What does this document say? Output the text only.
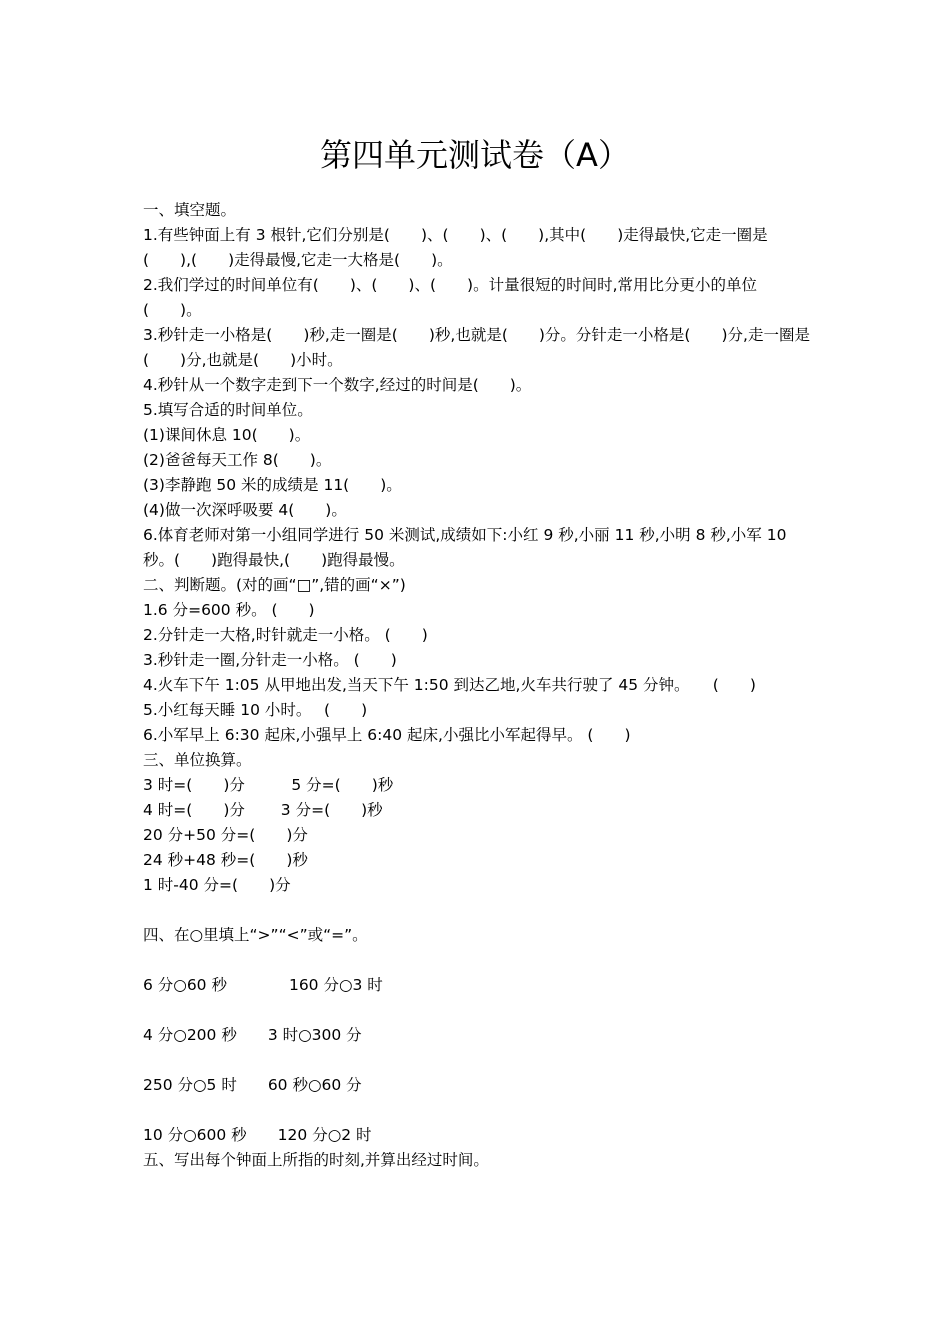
第四单元测试卷（A）
一、填空题。
1.有些钟面上有 3 根针,它们分别是(　　)、(　　)、(　　),其中(　　)走得最快,它走一圈是(　　),(　　)走得最慢,它走一大格是(　　)。
2.我们学过的时间单位有(　　)、(　　)、(　　)。计量很短的时间时,常用比分更小的单位(　　)。
3.秒针走一小格是(　　)秒,走一圈是(　　)秒,也就是(　　)分。分针走一小格是(　　)分,走一圈是(　　)分,也就是(　　)小时。
4.秒针从一个数字走到下一个数字,经过的时间是(　　)。
5.填写合适的时间单位。
(1)课间休息 10(　　)。
(2)爸爸每天工作 8(　　)。
(3)李静跑 50 米的成绩是 11(　　)。
(4)做一次深呼吸要 4(　　)。
6.体育老师对第一小组同学进行 50 米测试,成绩如下:小红 9 秒,小丽 11 秒,小明 8 秒,小军 10 秒。(　　)跑得最快,(　　)跑得最慢。
二、判断题。(对的画“□”,错的画“×”)
1.6 分=600 秒。 (　　)
2.分针走一大格,时针就走一小格。 (　　)
3.秒针走一圈,分针走一小格。 (　　)
4.火车下午 1:05 从甲地出发,当天下午 1:50 到达乙地,火车共行驶了 45 分钟。　　(　　)
5.小红每天睡 10 小时。　 (　　)
6.小军早上 6:30 起床,小强早上 6:40 起床,小强比小军起得早。 (　　)
三、单位换算。
3 时=(　　)分　　　5 分=(　　)秒
4 时=(　　)分　　 3 分=(　　)秒
20 分+50 分=(　　)分
24 秒+48 秒=(　　)秒
1 时-40 分=(　　)分
四、在○里填上“>”“<”或“=”。
6 分○60 秒　　　　160 分○3 时
4 分○200 秒　　3 时○300 分
250 分○5 时　　60 秒○60 分
10 分○600 秒　　120 分○2 时
五、写出每个钟面上所指的时刻,并算出经过时间。
